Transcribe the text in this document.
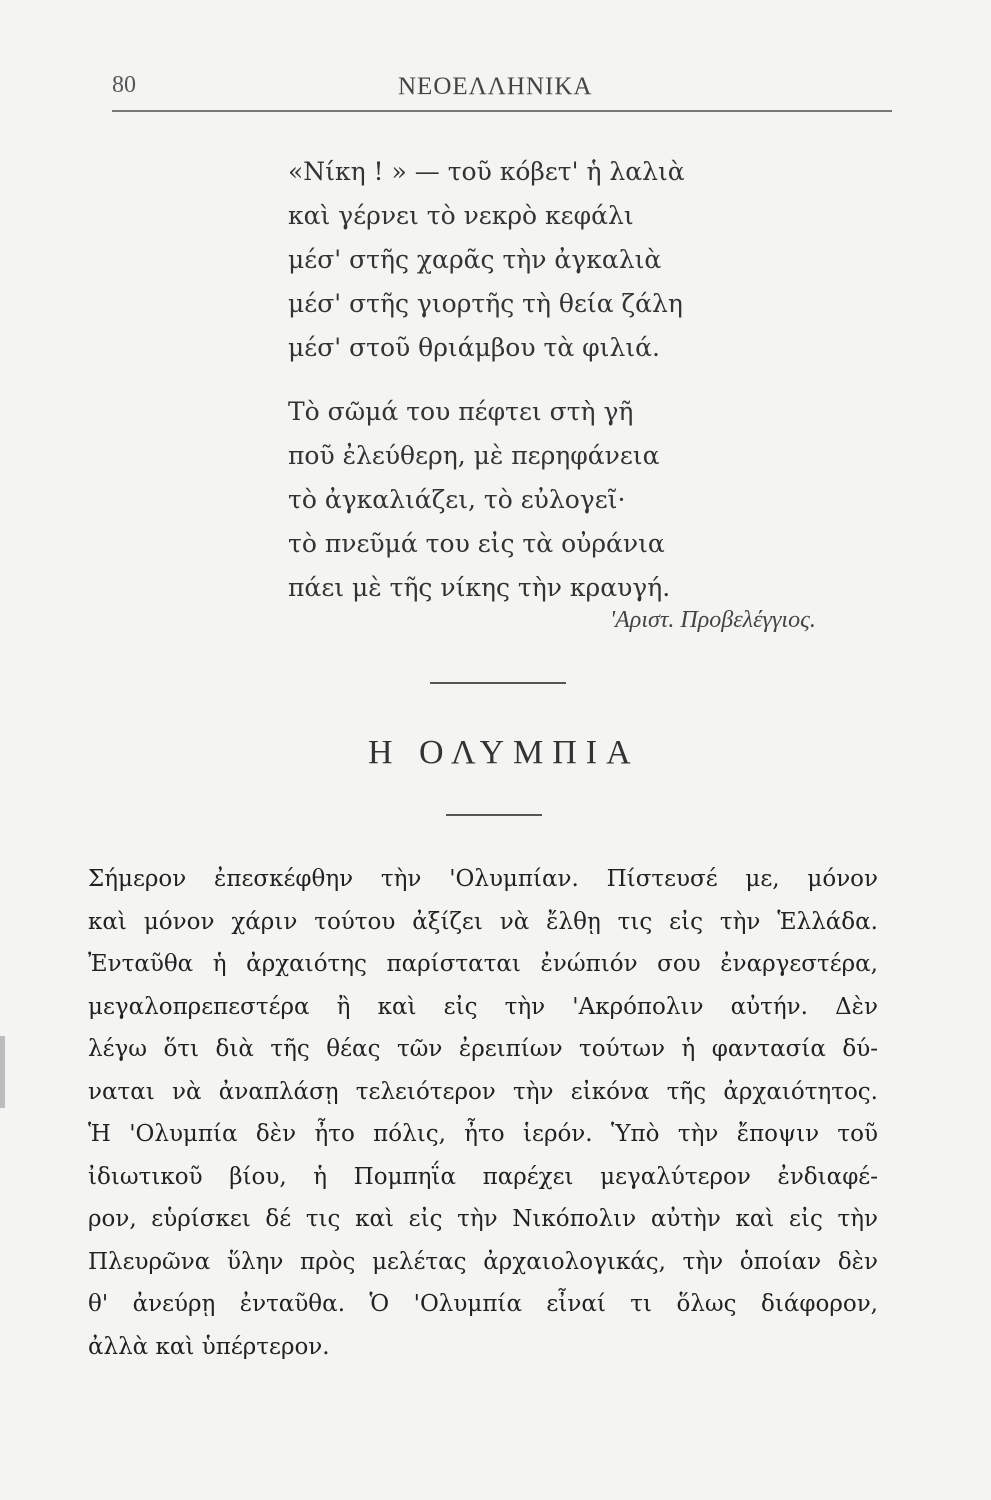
80	ΝΕΟΕΛΛΗΝΙΚΑ
«Νίκη ! » — τοῦ κόβετ' ἡ λαλιὰ
καὶ γέρνει τὸ νεκρὸ κεφάλι
μέσ' στῆς χαρᾶς τὴν ἀγκαλιὰ
μέσ' στῆς γιορτῆς τὴ θεία ζάλη
μέσ' στοῦ θριάμβου τὰ φιλιά.
Τὸ σῶμά του πέφτει στὴ γῆ
ποῦ ἐλεύθερη, μὲ περηφάνεια
τὸ ἀγκαλιάζει, τὸ εὐλογεῖ·
τὸ πνεῦμά του εἰς τὰ οὐράνια
πάει μὲ τῆς νίκης τὴν κραυγή.
'Αριστ. Προβελέγγιος.
Η ΟΛΥΜΠΙΑ
Σήμερον ἐπεσκέφθην τὴν 'Ολυμπίαν. Πίστευσέ με, μόνον
καὶ μόνον χάριν τούτου ἀξίζει νὰ ἔλθῃ τις εἰς τὴν Ἑλλάδα.
Ἐνταῦθα ἡ ἀρχαιότης παρίσταται ἐνώπιόν σου ἐναργεστέρα,
μεγαλοπρεπεστέρα ἢ καὶ εἰς τὴν 'Ακρόπολιν αὐτήν. Δὲν
λέγω ὅτι διὰ τῆς θέας τῶν ἐρειπίων τούτων ἡ φαντασία δύ-
ναται νὰ ἀναπλάσῃ τελειότερον τὴν εἰκόνα τῆς ἀρχαιότητος.
Ἡ 'Ολυμπία δὲν ἦτο πόλις, ἦτο ἱερόν. Ὑπὸ τὴν ἔποψιν τοῦ
ἰδιωτικοῦ βίου, ἡ Πομπηΐα παρέχει μεγαλύτερον ἐνδιαφέ-
ρον, εὑρίσκει δέ τις καὶ εἰς τὴν Νικόπολιν αὐτὴν καὶ εἰς τὴν
Πλευρῶνα ὕλην πρὸς μελέτας ἀρχαιολογικάς, τὴν ὁποίαν δὲν
θ' ἀνεύρῃ ἐνταῦθα. Ὁ 'Ολυμπία εἶναί τι ὅλως διάφορον,
ἀλλὰ καὶ ὑπέρτερον.
